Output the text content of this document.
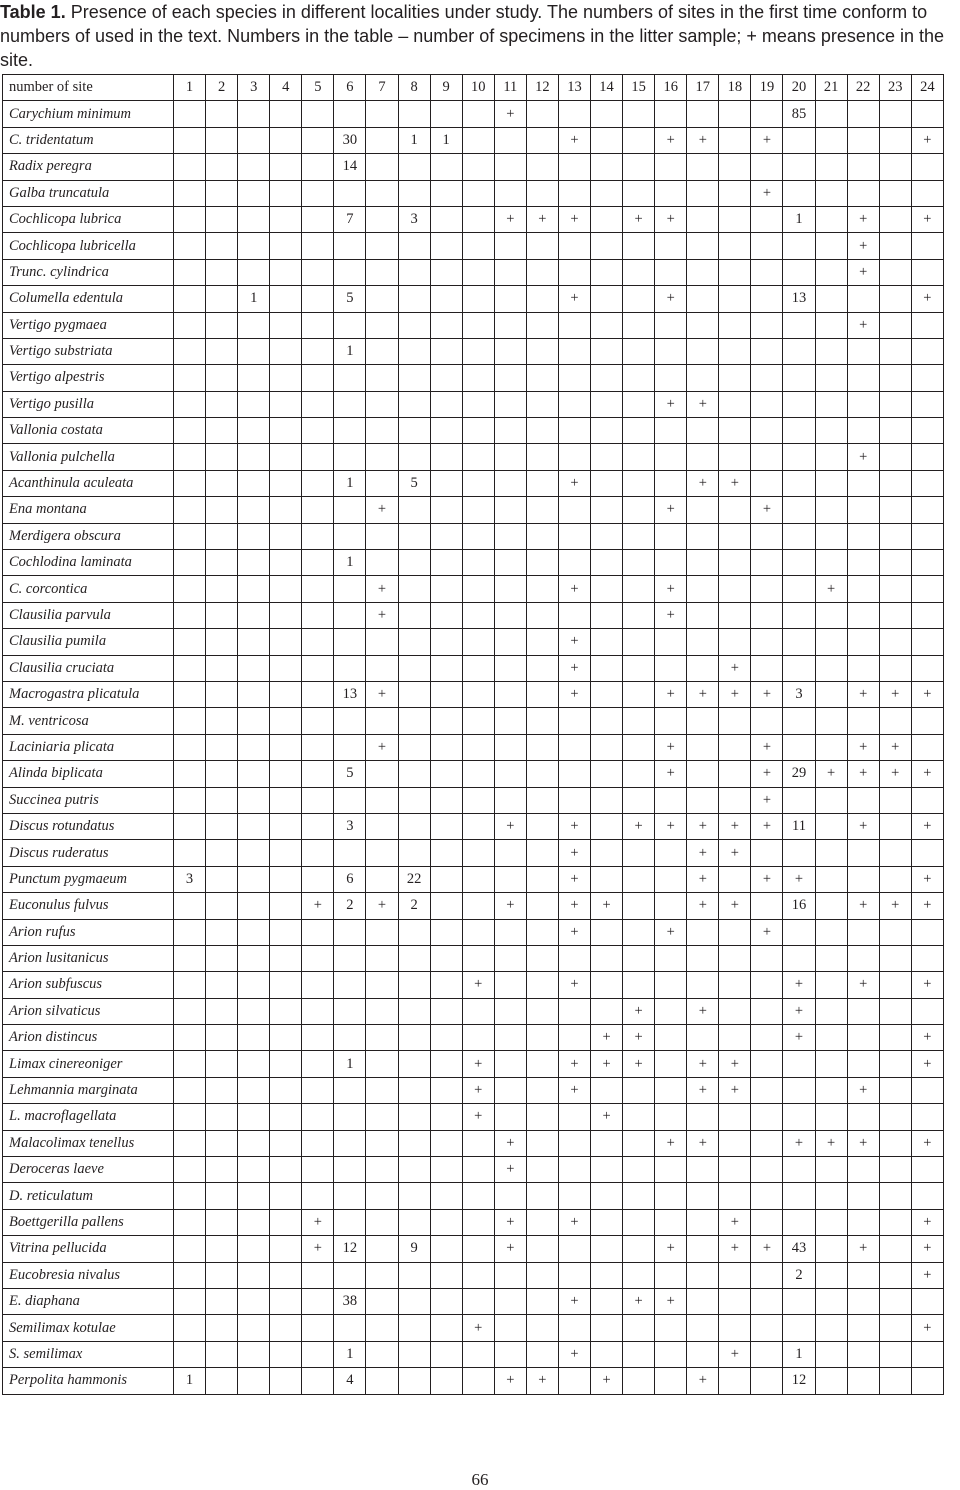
Table 1. Presence of each species in different localities under study. The numbers of sites in the first time conform to numbers of used in the text. Numbers in the table – number of specimens in the litter sample; + means presence in the site.
number of site	1	2	3	4	5	6	7	8	9	10	11	12	13	14	15	16	17	18	19	20	21	22	23	24
Carychium minimum											+									85				
C. tridentatum						30		1	1				+			+	+		+					+
Radix peregra						14																		
Galba truncatula																			+					
Cochlicopa lubrica						7		3			+	+	+		+	+				1		+		+
Cochlicopa lubricella																						+		
Trunc. cylindrica																						+		
Columella edentula			1			5							+			+				13				+
Vertigo pygmaea																						+		
Vertigo substriata						1																		
Vertigo alpestris																								
Vertigo pusilla																+	+							
Vallonia costata																								
Vallonia pulchella																						+		
Acanthinula aculeata						1		5					+				+	+						
Ena montana							+									+			+					
Merdigera obscura																								
Cochlodina laminata						1																		
C. corcontica							+						+			+					+			
Clausilia parvula							+									+								
Clausilia pumila													+											
Clausilia cruciata													+					+						
Macrogastra plicatula						13	+						+			+	+	+	+	3		+	+	+
M. ventricosa																								
Laciniaria plicata							+									+			+			+	+	
Alinda biplicata						5										+			+	29	+	+	+	+
Succinea putris																			+					
Discus rotundatus						3					+		+		+	+	+	+	+	11		+		+
Discus ruderatus													+				+	+						
Punctum pygmaeum	3					6		22					+				+		+	+				+
Euconulus fulvus					+	2	+	2			+		+	+			+	+		16		+	+	+
Arion rufus													+			+			+					
Arion lusitanicus																								
Arion subfuscus										+			+							+		+		+
Arion silvaticus															+		+			+				
Arion distincus														+	+					+				+
Limax cinereoniger						1				+			+	+	+		+	+						+
Lehmannia marginata										+			+				+	+				+		
L. macroflagellata										+				+										
Malacolimax tenellus											+					+	+			+	+	+		+
Deroceras laeve											+													
D. reticulatum																								
Boettgerilla pallens					+						+		+					+						+
Vitrina pellucida					+	12		9			+					+		+	+	43		+		+
Eucobresia nivalus																				2				+
E. diaphana						38							+		+	+								
Semilimax kotulae										+														+
S. semilimax						1							+					+		1				
Perpolita hammonis	1					4					+	+		+			+			12				
66
